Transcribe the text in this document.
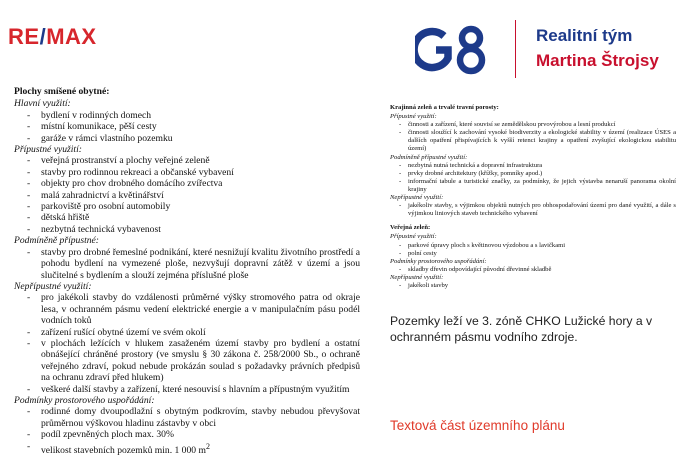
RE/MAX
G8
Realitní tým
Martina Štrojsy
Plochy smíšené obytné:
Hlavní využití:
- bydlení v rodinných domech
- místní komunikace, pěší cesty
- garáže v rámci vlastního pozemku
Přípustné využití:
- veřejná prostranství a plochy veřejné zeleně
- stavby pro rodinnou rekreaci a občanské vybavení
- objekty pro chov drobného domácího zvířectva
- malá zahradnictví a květinářství
- parkoviště pro osobní automobily
- dětská hřiště
- nezbytná technická vybavenost
Podmíněně přípustné:
- stavby pro drobné řemeslné podnikání, které nesnižují kvalitu životního prostředí a pohodu bydlení na vymezené ploše, nezvyšují dopravní zátěž v území a jsou slučitelné s bydlením a slouží zejména příslušné ploše
Nepřípustné využití:
- pro jakékoli stavby do vzdálenosti průměrné výšky stromového patra od okraje lesa, v ochranném pásmu vedení elektrické energie a v manipulačním pásu podél vodních toků
- zařízení rušící obytné území ve svém okolí
- v plochách ležících v hlukem zasaženém území stavby pro bydlení a ostatní obnášející chráněné prostory (ve smyslu § 30 zákona č. 258/2000 Sb., o ochraně veřejného zdraví, pokud nebude prokázán soulad s požadavky právních předpisů na ochranu zdraví před hlukem)
- veškeré další stavby a zařízení, které nesouvisí s hlavním a přípustným využitím
Podmínky prostorového uspořádání:
- rodinné domy dvoupodlažní s obytným podkrovím, stavby nebudou převyšovat průměrnou výškovou hladinu zástavby v obci
- podíl zpevněných ploch max. 30%
- velikost stavebních pozemků min. 1 000 $m^2$
Krajinná zeleň a trvalé travní porosty:
Přípustné využití:
- činnosti a zařízení, které souvisí se zemědělskou prvovýrobou a lesní produkcí
- činnosti sloužící k zachování vysoké biodiverzity a ekologické stability v území (realizace ÚSES a dalších opatření přispívajících k vyšší retenci krajiny a opatření zvyšující ekologickou stabilitu území)
Podmíněně přípustné využití:
- nezbytná nutná technická a dopravní infrastruktura
- prvky drobné architektury (křížky, pomníky apod.)
- informační tabule a turistické značky, za podmínky, že jejich výstavba nenaruší panorama okolní krajiny
Nepřípustné využití:
- jakékoliv stavby, s výjimkou objektů nutných pro obhospodařování území pro dané využití, a dále s výjimkou liniových staveb technického vybavení
Veřejná zeleň:
Přípustné využití:
- parkové úpravy ploch s květinovou výzdobou a s lavičkami
- polní cesty
Podmínky prostorového uspořádání:
- skladby dřevin odpovídající původní dřevinné skladbě
Nepřípustné využití:
- jakékoli stavby
Pozemky leží ve 3. zóně CHKO Lužické hory a v ochranném pásmu vodního zdroje.
Textová část územního plánu
